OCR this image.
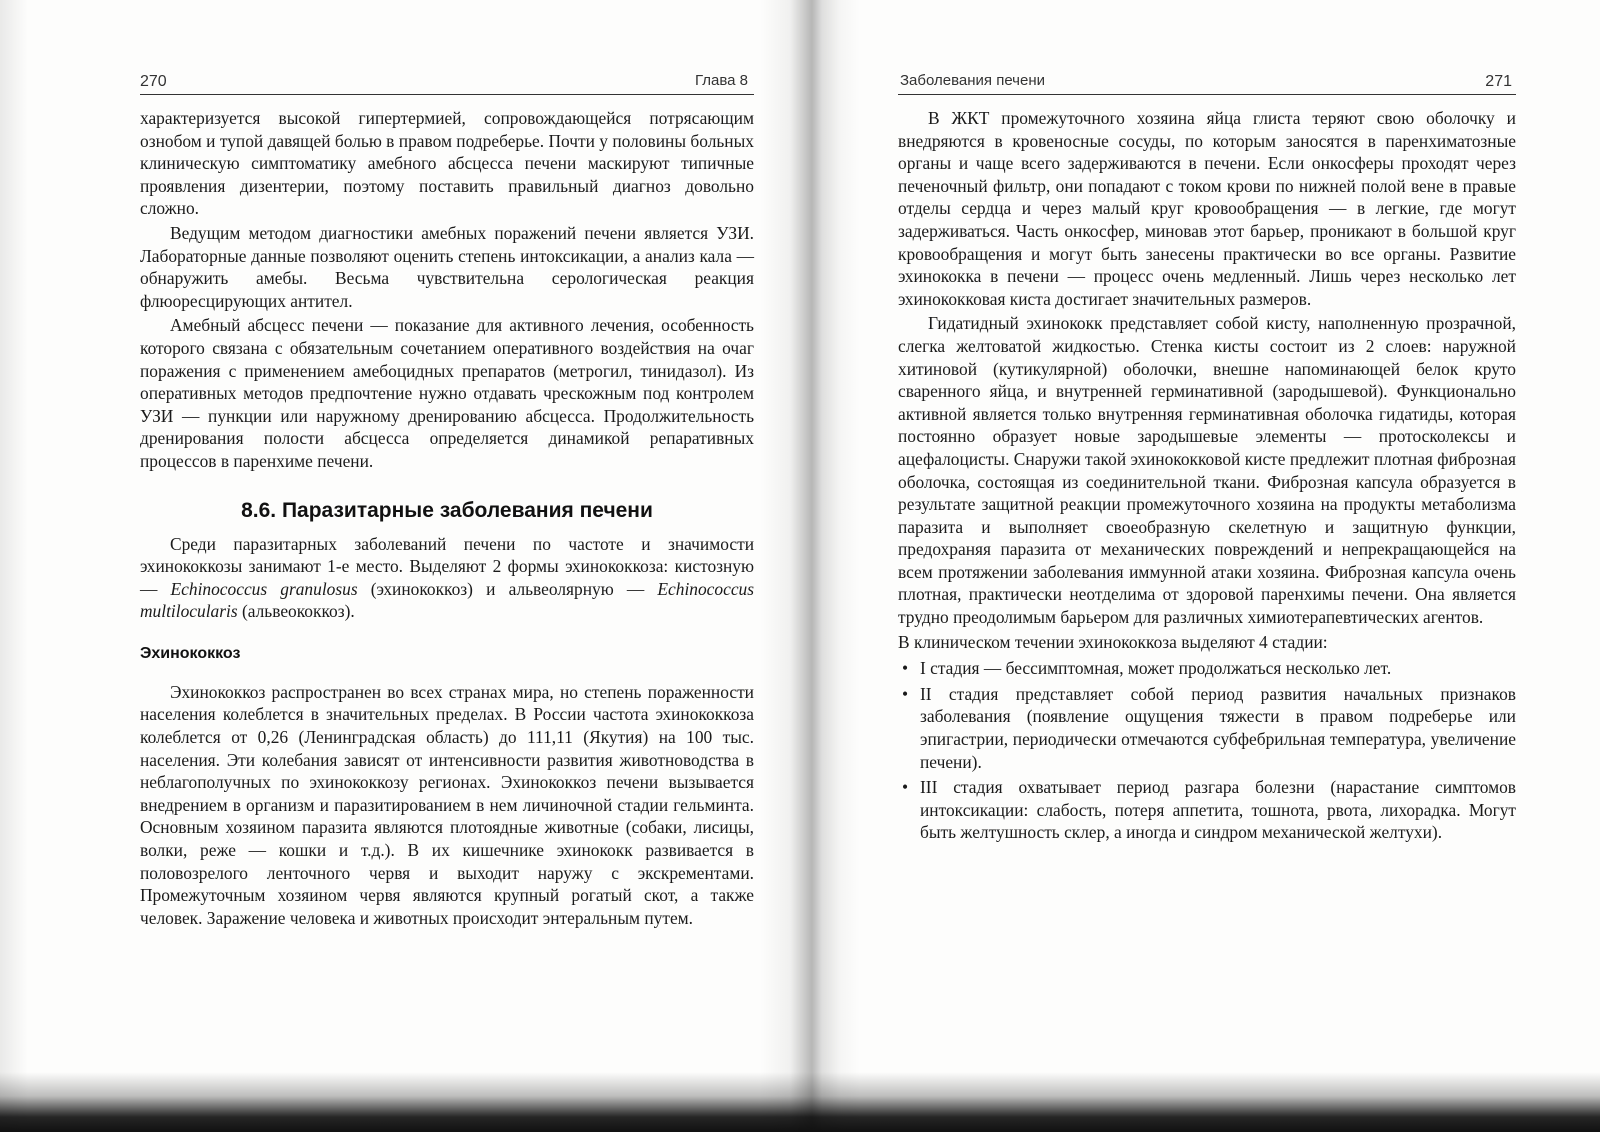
270	Глава 8

характеризуется высокой гипертермией, сопровождающейся потрясающим ознобом и тупой давящей болью в правом подреберье. Почти у половины больных клиническую симптоматику амебного абсцесса печени маскируют типичные проявления дизентерии, поэтому поставить правильный диагноз довольно сложно.

Ведущим методом диагностики амебных поражений печени является УЗИ. Лабораторные данные позволяют оценить степень интоксикации, а анализ кала — обнаружить амебы. Весьма чувствительна серологическая реакция флюоресцирующих антител.

Амебный абсцесс печени — показание для активного лечения, особенность которого связана с обязательным сочетанием оперативного воздействия на очаг поражения с применением амебоцидных препаратов (метрогил, тинидазол). Из оперативных методов предпочтение нужно отдавать чрескожным под контролем УЗИ — пункции или наружному дренированию абсцесса. Продолжительность дренирования полости абсцесса определяется динамикой репаративных процессов в паренхиме печени.

8.6. Паразитарные заболевания печени

Среди паразитарных заболеваний печени по частоте и значимости эхинококкозы занимают 1-е место. Выделяют 2 формы эхинококкоза: кистозную — Echinococcus granulosus (эхинококкоз) и альвеолярную — Echinococcus multilocularis (альвеококкоз).

Эхинококкоз

Эхинококкоз распространен во всех странах мира, но степень пораженности населения колеблется в значительных пределах. В России частота эхинококкоза колеблется от 0,26 (Ленинградская область) до 111,11 (Якутия) на 100 тыс. населения. Эти колебания зависят от интенсивности развития животноводства в неблагополучных по эхинококкозу регионах. Эхинококкоз печени вызывается внедрением в организм и паразитированием в нем личиночной стадии гельминта. Основным хозяином паразита являются плотоядные животные (собаки, лисицы, волки, реже — кошки и т.д.). В их кишечнике эхинококк развивается в половозрелого ленточного червя и выходит наружу с экскрементами. Промежуточным хозяином червя являются крупный рогатый скот, а также человек. Заражение человека и животных происходит энтеральным путем.

Заболевания печени	271

В ЖКТ промежуточного хозяина яйца глиста теряют свою оболочку и внедряются в кровеносные сосуды, по которым заносятся в паренхиматозные органы и чаще всего задерживаются в печени. Если онкосферы проходят через печеночный фильтр, они попадают с током крови по нижней полой вене в правые отделы сердца и через малый круг кровообращения — в легкие, где могут задерживаться. Часть онкосфер, миновав этот барьер, проникают в большой круг кровообращения и могут быть занесены практически во все органы. Развитие эхинококка в печени — процесс очень медленный. Лишь через несколько лет эхинококковая киста достигает значительных размеров.

Гидатидный эхинококк представляет собой кисту, наполненную прозрачной, слегка желтоватой жидкостью. Стенка кисты состоит из 2 слоев: наружной хитиновой (кутикулярной) оболочки, внешне напоминающей белок круто сваренного яйца, и внутренней герминативной (зародышевой). Функционально активной является только внутренняя герминативная оболочка гидатиды, которая постоянно образует новые зародышевые элементы — протосколексы и ацефалоцисты. Снаружи такой эхинококковой кисте предлежит плотная фиброзная оболочка, состоящая из соединительной ткани. Фиброзная капсула образуется в результате защитной реакции промежуточного хозяина на продукты метаболизма паразита и выполняет своеобразную скелетную и защитную функции, предохраняя паразита от механических повреждений и непрекращающейся на всем протяжении заболевания иммунной атаки хозяина. Фиброзная капсула очень плотная, практически неотделима от здоровой паренхимы печени. Она является трудно преодолимым барьером для различных химиотерапевтических агентов.

В клиническом течении эхинококкоза выделяют 4 стадии:

• I стадия — бессимптомная, может продолжаться несколько лет.
• II стадия представляет собой период развития начальных признаков заболевания (появление ощущения тяжести в правом подреберье или эпигастрии, периодически отмечаются субфебрильная температура, увеличение печени).
• III стадия охватывает период разгара болезни (нарастание симптомов интоксикации: слабость, потеря аппетита, тошнота, рвота, лихорадка. Могут быть желтушность склер, а иногда и синдром механической желтухи).
